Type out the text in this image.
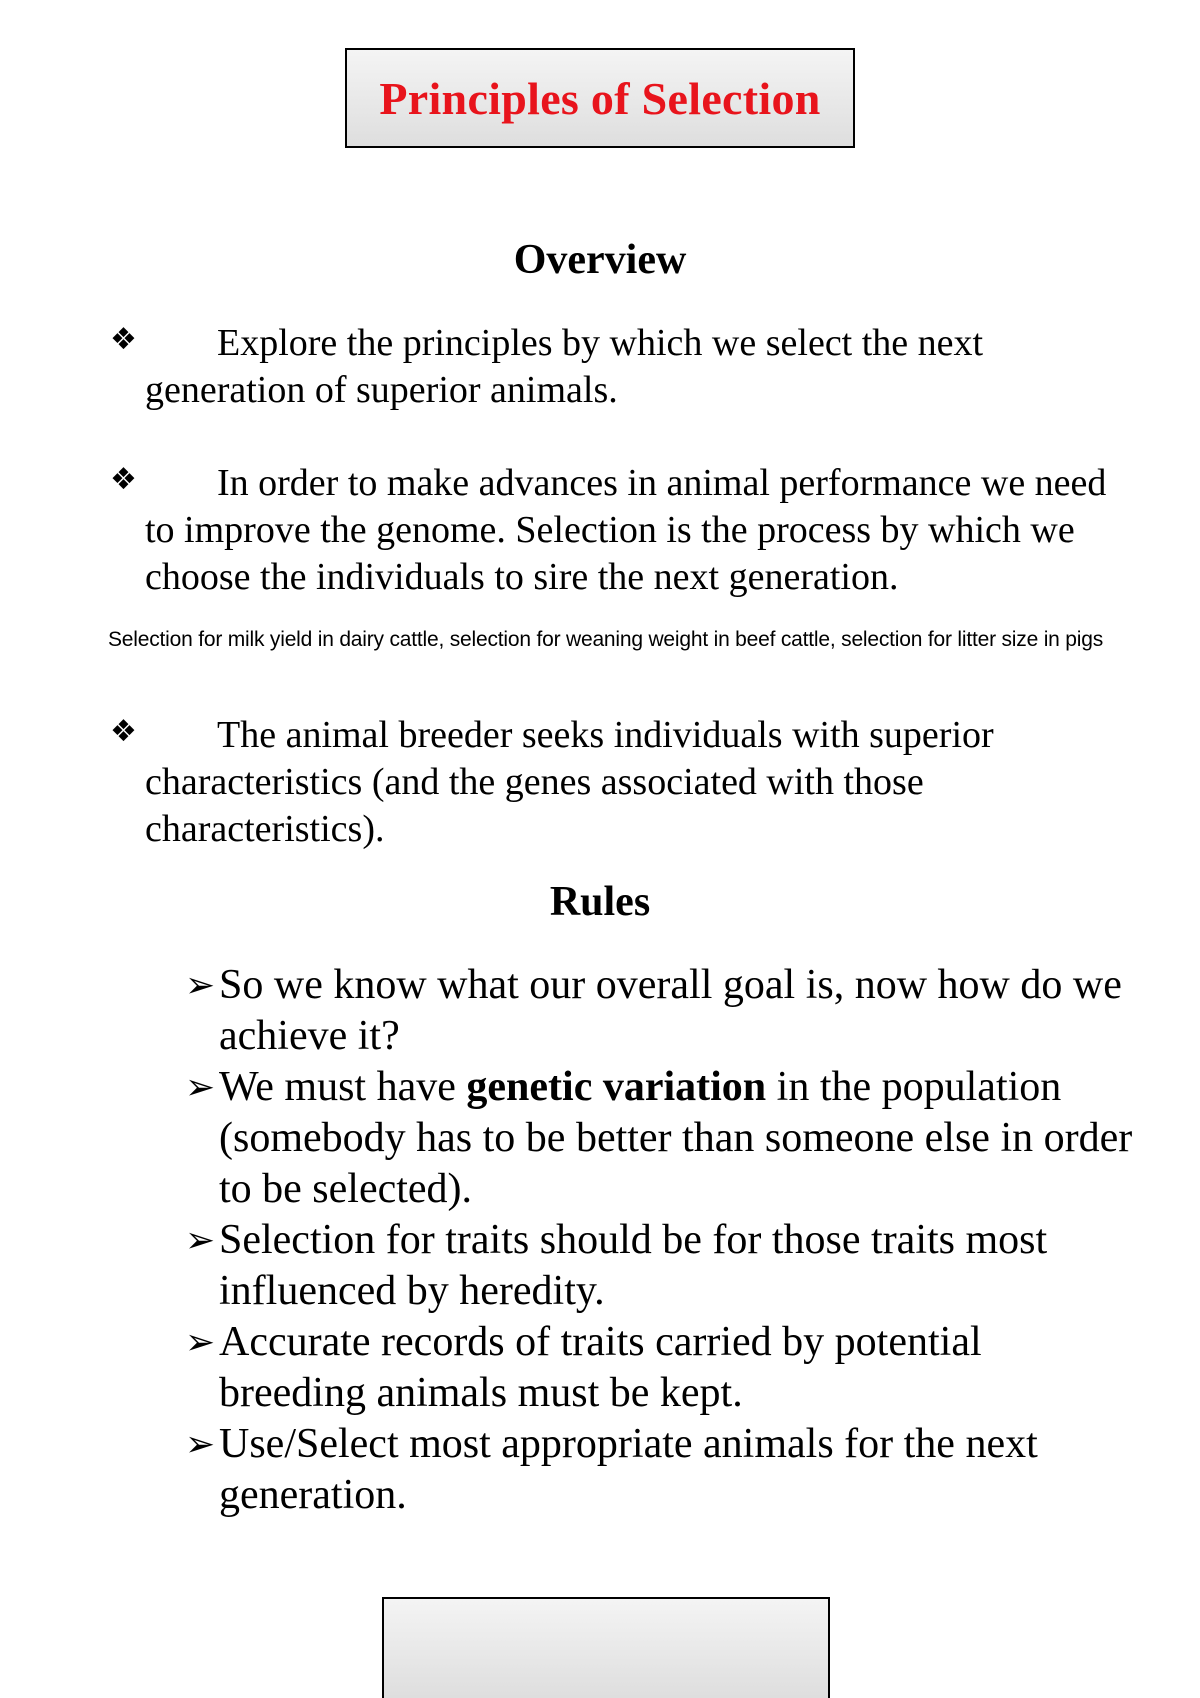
Principles of Selection
Overview
❖	Explore the principles by which we select the next generation of superior animals.
❖	In order to make advances in animal performance we need to improve the genome. Selection is the process by which we choose the individuals to sire the next generation.
Selection for milk yield in dairy cattle, selection for weaning weight in beef cattle, selection for litter size in pigs
❖	The animal breeder seeks individuals with superior characteristics (and the genes associated with those characteristics).
Rules
➢ So we know what our overall goal is, now how do we achieve it?
➢ We must have genetic variation in the population (somebody has to be better than someone else in order to be selected).
➢ Selection for traits should be for those traits most influenced by heredity.
➢ Accurate records of traits carried by potential breeding animals must be kept.
➢ Use/Select most appropriate animals for the next generation.
